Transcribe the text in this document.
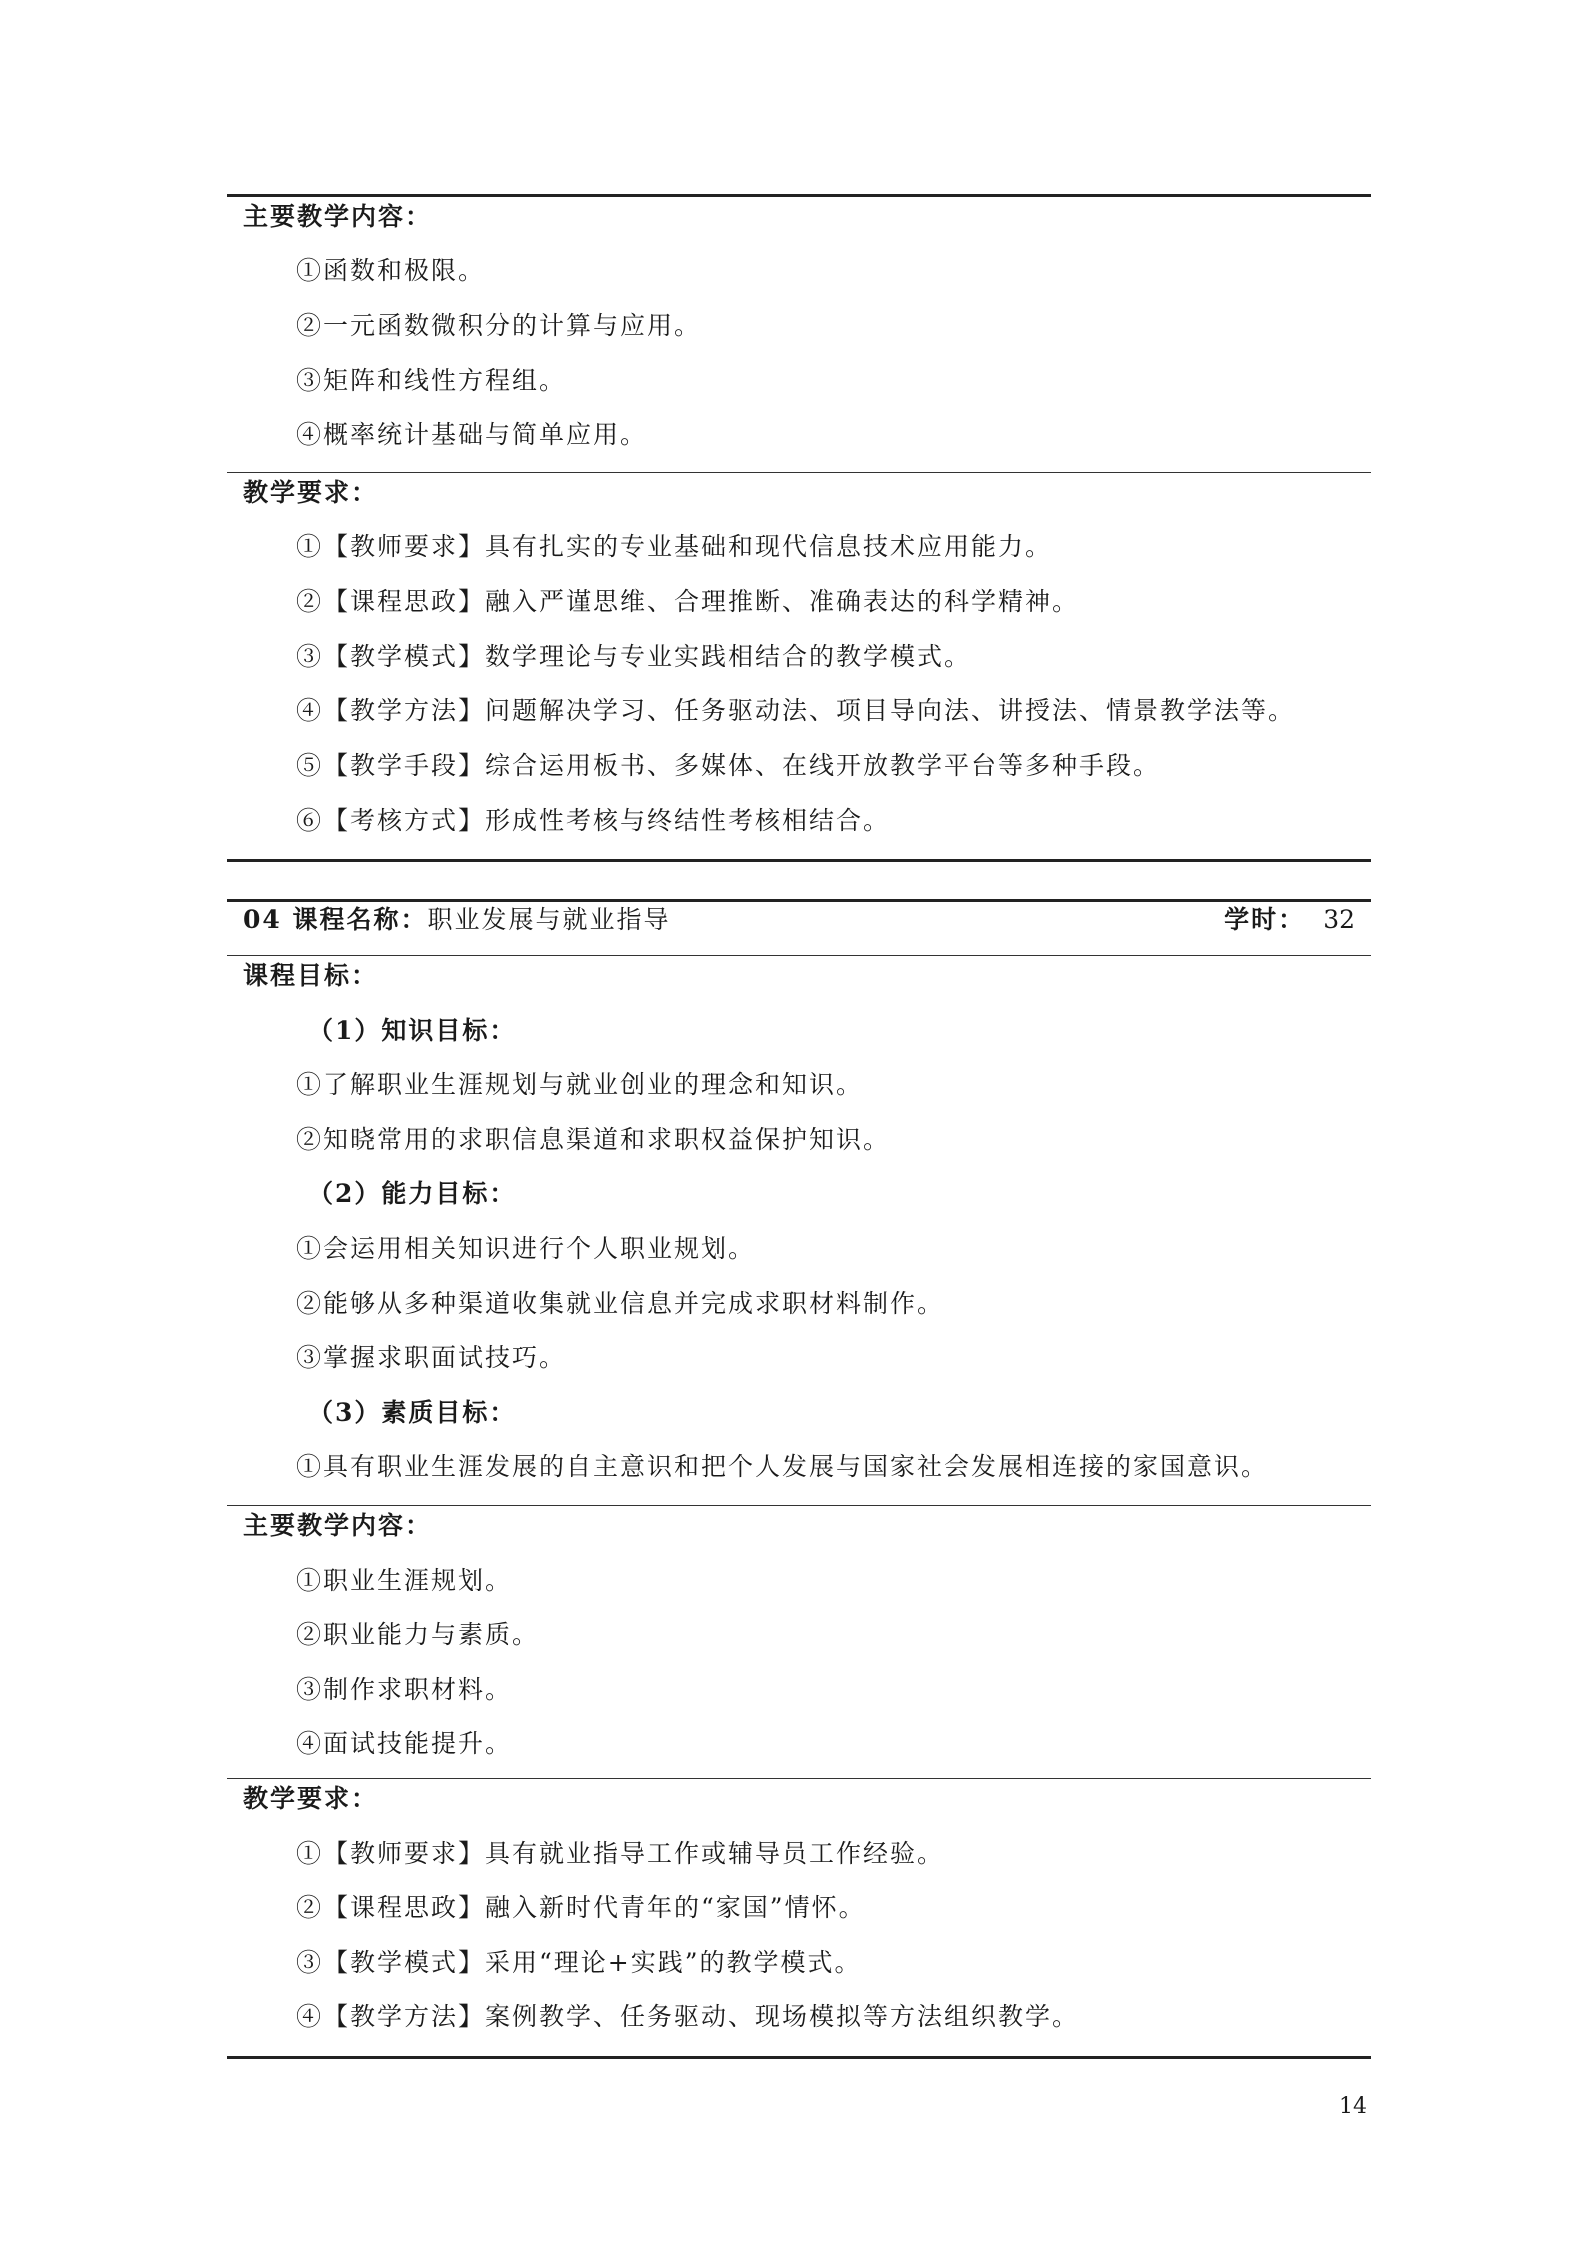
主要教学内容：
①函数和极限。
②一元函数微积分的计算与应用。
③矩阵和线性方程组。
④概率统计基础与简单应用。
教学要求：
①【教师要求】具有扎实的专业基础和现代信息技术应用能力。
②【课程思政】融入严谨思维、合理推断、准确表达的科学精神。
③【教学模式】数学理论与专业实践相结合的教学模式。
④【教学方法】问题解决学习、任务驱动法、项目导向法、讲授法、情景教学法等。
⑤【教学手段】综合运用板书、多媒体、在线开放教学平台等多种手段。
⑥【考核方式】形成性考核与终结性考核相结合。
04 课程名称：职业发展与就业指导	学时： 32
课程目标：
（1）知识目标：
①了解职业生涯规划与就业创业的理念和知识。
②知晓常用的求职信息渠道和求职权益保护知识。
（2）能力目标：
①会运用相关知识进行个人职业规划。
②能够从多种渠道收集就业信息并完成求职材料制作。
③掌握求职面试技巧。
（3）素质目标：
①具有职业生涯发展的自主意识和把个人发展与国家社会发展相连接的家国意识。
主要教学内容：
①职业生涯规划。
②职业能力与素质。
③制作求职材料。
④面试技能提升。
教学要求：
①【教师要求】具有就业指导工作或辅导员工作经验。
②【课程思政】融入新时代青年的“家国”情怀。
③【教学模式】采用“理论+实践”的教学模式。
④【教学方法】案例教学、任务驱动、现场模拟等方法组织教学。
14
